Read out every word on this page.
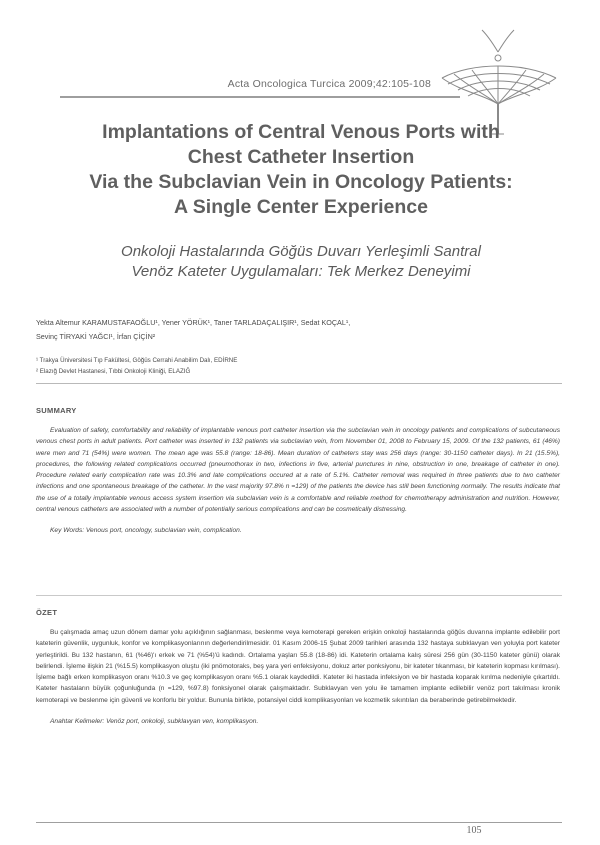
Acta Oncologica Turcica 2009;42:105-108
Implantations of Central Venous Ports with
Chest Catheter Insertion
Via the Subclavian Vein in Oncology Patients:
A Single Center Experience
Onkoloji Hastalarında Göğüs Duvarı Yerleşimli Santral
Venöz Kateter Uygulamaları: Tek Merkez Deneyimi
Yekta Altemur KARAMUSTAFAOĞLU¹, Yener YÖRÜK¹, Taner TARLADAÇALIŞIR¹, Sedat KOÇAL¹,
Sevinç TİRYAKİ YAĞCI¹, İrfan ÇİÇİN²
¹ Trakya Üniversitesi Tıp Fakültesi, Göğüs Cerrahi Anabilim Dalı, EDİRNE
² Elazığ Devlet Hastanesi, Tıbbi Onkoloji Kliniği, ELAZIĞ
SUMMARY
Evaluation of safety, comfortability and reliability of implantable venous port catheter insertion via the subclavian vein in oncology patients and complications of subcutaneous venous chest ports in adult patients. Port catheter was inserted in 132 patients via subclavian vein, from November 01, 2008 to February 15, 2009. Of the 132 patients, 61 (46%) were men and 71 (54%) were women. The mean age was 55.8 (range: 18-86). Mean duration of catheters stay was 256 days (range: 30-1150 catheter days). In 21 (15.5%), procedures, the following related complications occurred (pneumothorax in two, infections in five, arterial punctures in nine, obstruction in one, breakage of catheter in one). Procedure related early complication rate was 10.3% and late complications occured at a rate of 5.1%. Catheter removal was required in three patients due to two catheter infections and one spontaneous breakage of the catheter. In the vast majority 97.8% n =129) of the patients the device has still been functioning normally. The results indicate that the use of a totally implantable venous access system insertion via subclavian vein is a comfortable and reliable method for chemotherapy administration and nutrition. However, central venous catheters are associated with a number of potentially serious complications and can be cosmetically distressing.
Key Words: Venous port, oncology, subclavian vein, complication.
ÖZET
Bu çalışmada amaç uzun dönem damar yolu açıklığının sağlanması, beslenme veya kemoterapi gereken erişkin onkoloji hastalarında göğüs duvarına implante edilebilir port kateterin güvenlik, uygunluk, konfor ve komplikasyonlarının değerlendirilmesidir. 01 Kasım 2006-15 Şubat 2009 tarihleri arasında 132 hastaya subklavyan ven yoluyla port kateter yerleştirildi. Bu 132 hastanın, 61 (%46)'ı erkek ve 71 (%54)'ü kadındı. Ortalama yaşları 55.8 (18-86) idi. Kateterin ortalama kalış süresi 256 gün (30-1150 kateter günü) olarak belirlendi. İşleme ilişkin 21 (%15.5) komplikasyon oluştu (iki pnömotoraks, beş yara yeri enfeksiyonu, dokuz arter ponksiyonu, bir kateter tıkanması, bir kateterin kopması kırılması). İşleme bağlı erken komplikasyon oranı %10.3 ve geç komplikasyon oranı %5.1 olarak kaydedildi. Kateter iki hastada infeksiyon ve bir hastada koparak kırılma nedeniyle çıkartıldı. Kateter hastaların büyük çoğunluğunda (n =129, %97.8) fonksiyonel olarak çalışmaktadır. Subklavyan ven yolu ile tamamen implante edilebilir venöz port takılması kronik kemoterapi ve beslenme için güvenli ve konforlu bir yoldur. Bununla birlikte, potansiyel ciddi komplikasyonları ve kozmetik sıkıntıları da beraberinde getirebilmektedir.
Anahtar Kelimeler: Venöz port, onkoloji, subklavyan ven, komplikasyon.
105
